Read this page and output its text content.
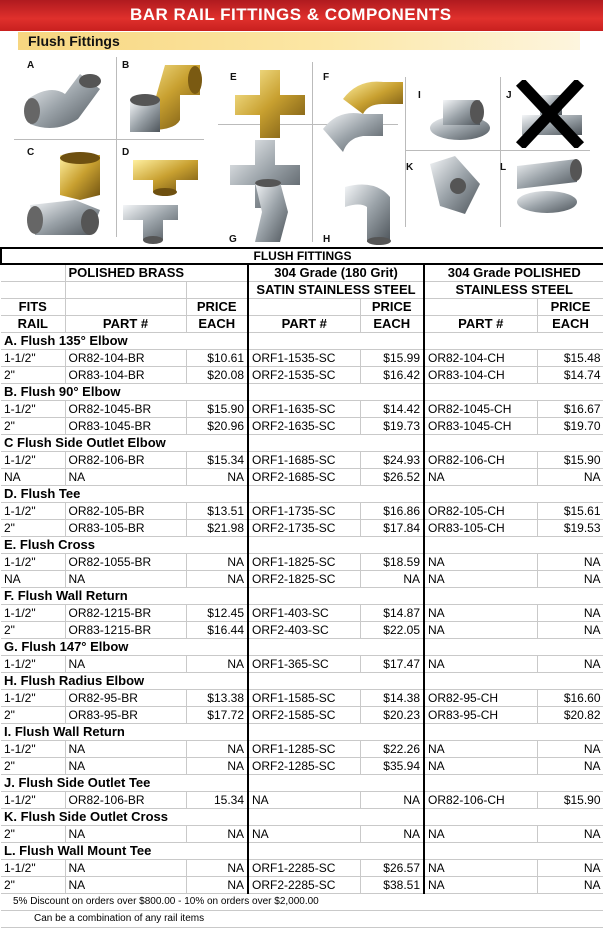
BAR RAIL FITTINGS & COMPONENTS
Flush Fittings
A	B
C	D
E	F
G	H
I	J
K	L
FLUSH FITTINGS						
	POLISHED BRASS		304 Grade (180 Grit)		304 Grade POLISHED	
			SATIN STAINLESS STEEL		STAINLESS STEEL	
FITS		PRICE		PRICE		PRICE
RAIL	PART #	EACH	PART #	EACH	PART #	EACH
A. Flush 135° Elbow						
1-1/2"	OR82-104-BR	$10.61	ORF1-1535-SC	$15.99	OR82-104-CH	$15.48
2"	OR83-104-BR	$20.08	ORF2-1535-SC	$16.42	OR83-104-CH	$14.74
B. Flush 90° Elbow						
1-1/2"	OR82-1045-BR	$15.90	ORF1-1635-SC	$14.42	OR82-1045-CH	$16.67
2"	OR83-1045-BR	$20.96	ORF2-1635-SC	$19.73	OR83-1045-CH	$19.70
C Flush Side Outlet Elbow						
1-1/2"	OR82-106-BR	$15.34	ORF1-1685-SC	$24.93	OR82-106-CH	$15.90
NA	NA	NA	ORF2-1685-SC	$26.52	NA	NA
D. Flush Tee						
1-1/2"	OR82-105-BR	$13.51	ORF1-1735-SC	$16.86	OR82-105-CH	$15.61
2"	OR83-105-BR	$21.98	ORF2-1735-SC	$17.84	OR83-105-CH	$19.53
E. Flush Cross						
1-1/2"	OR82-1055-BR	NA	ORF1-1825-SC	$18.59	NA	NA
NA	NA	NA	ORF2-1825-SC	NA	NA	NA
F. Flush Wall Return						
1-1/2"	OR82-1215-BR	$12.45	ORF1-403-SC	$14.87	NA	NA
2"	OR83-1215-BR	$16.44	ORF2-403-SC	$22.05	NA	NA
G. Flush 147° Elbow						
1-1/2"	NA	NA	ORF1-365-SC	$17.47	NA	NA
H. Flush Radius Elbow						
1-1/2"	OR82-95-BR	$13.38	ORF1-1585-SC	$14.38	OR82-95-CH	$16.60
2"	OR83-95-BR	$17.72	ORF2-1585-SC	$20.23	OR83-95-CH	$20.82
I. Flush Wall Return						
1-1/2"	NA	NA	ORF1-1285-SC	$22.26	NA	NA
2"	NA	NA	ORF2-1285-SC	$35.94	NA	NA
J. Flush Side Outlet Tee						
1-1/2"	OR82-106-BR	15.34	NA	NA	OR82-106-CH	$15.90
K. Flush Side Outlet Cross						
2"	NA	NA	NA	NA	NA	NA
L. Flush Wall Mount Tee						
1-1/2"	NA	NA	ORF1-2285-SC	$26.57	NA	NA
2"	NA	NA	ORF2-2285-SC	$38.51	NA	NA
5% Discount on orders over $800.00 - 10% on orders over $2,000.00						
Can be a combination of any rail items						
